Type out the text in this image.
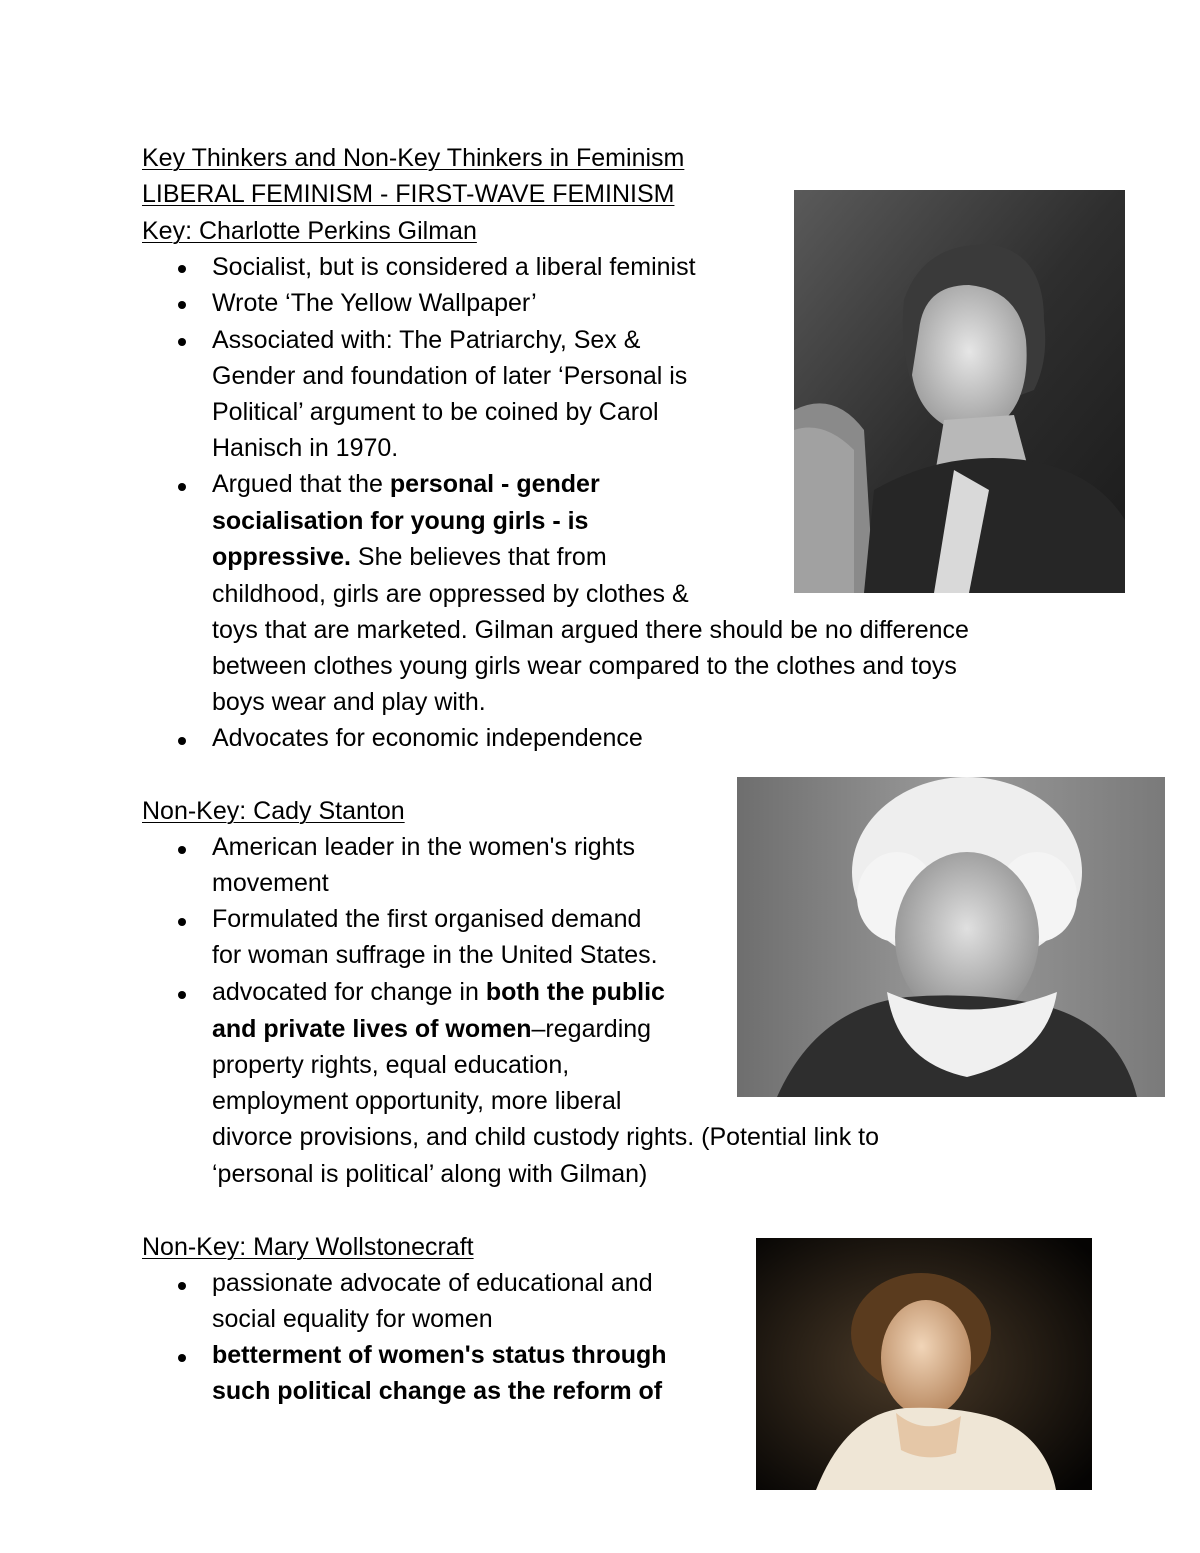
Key Thinkers and Non-Key Thinkers in Feminism
LIBERAL FEMINISM - FIRST-WAVE FEMINISM
Key: Charlotte Perkins Gilman
Socialist, but is considered a liberal feminist
Wrote ‘The Yellow Wallpaper’
Associated with: The Patriarchy, Sex &
Gender and foundation of later ‘Personal is
Political’ argument to be coined by Carol
Hanisch in 1970.
Argued that the personal - gender
socialisation for young girls - is
oppressive. She believes that from
childhood, girls are oppressed by clothes &
toys that are marketed. Gilman argued there should be no difference
between clothes young girls wear compared to the clothes and toys
boys wear and play with.
Advocates for economic independence
Non-Key: Cady Stanton
American leader in the women's rights
movement
Formulated the first organised demand
for woman suffrage in the United States.
advocated for change in both the public
and private lives of women–regarding
property rights, equal education,
employment opportunity, more liberal
divorce provisions, and child custody rights. (Potential link to
‘personal is political’ along with Gilman)
Non-Key: Mary Wollstonecraft
passionate advocate of educational and
social equality for women
betterment of women's status through
such political change as the reform of
